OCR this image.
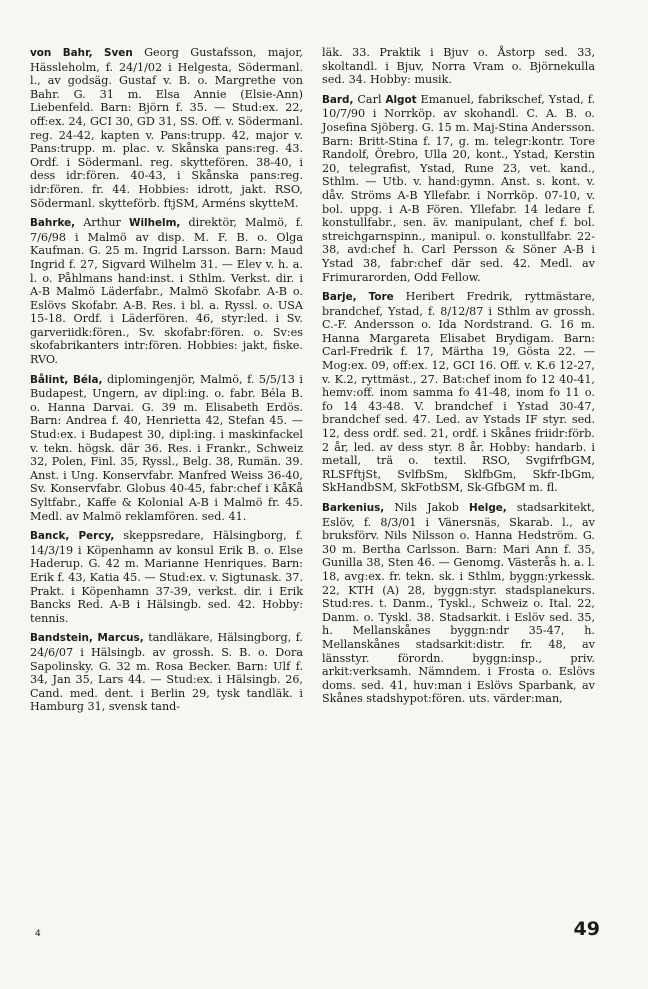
von Bahr, Sven Georg Gustafsson, major, Hässleholm, f. 24/1/02 i Helgesta, Södermanl. l., av godsäg. Gustaf v. B. o. Margrethe von Bahr. G. 31 m. Elsa Annie (Elsie-Ann) Liebenfeld. Barn: Björn f. 35. — Stud:ex. 22, off:ex. 24, GCI 30, GD 31, SS. Off. v. Södermanl. reg. 24-42, kapten v. Pans:trupp. 42, major v. Pans:trupp. m. plac. v. Skånska pans:reg. 43. Ordf. i Södermanl. reg. skyttefören. 38-40, i dess idr:fören. 40-43, i Skånska pans:reg. idr:fören. fr. 44. Hobbies: idrott, jakt. RSO, Södermanl. skytteförb. ftjSM, Arméns skytteM.

Bahrke, Arthur Wilhelm, direktör, Malmö, f. 7/6/98 i Malmö av disp. M. F. B. o. Olga Kaufman. G. 25 m. Ingrid Larsson. Barn: Maud Ingrid f. 27, Sigvard Wilhelm 31. — Elev v. h. a. l. o. Påhlmans hand:inst. i Sthlm. Verkst. dir. i A-B Malmö Läderfabr., Malmö Skofabr. A-B o. Eslövs Skofabr. A-B. Res. i bl. a. Ryssl. o. USA 15-18. Ordf. i Läderfören. 46, styr:led. i Sv. garveriidk:fören., Sv. skofabr:fören. o. Sv:es skofabrikanters intr:fören. Hobbies: jakt, fiske. RVO.

Bålint, Béla, diplomingenjör, Malmö, f. 5/5/13 i Budapest, Ungern, av dipl:ing. o. fabr. Béla B. o. Hanna Darvai. G. 39 m. Elisabeth Erdös. Barn: Andrea f. 40, Henrietta 42, Stefan 45. — Stud:ex. i Budapest 30, dipl:ing. i maskinfackel v. tekn. högsk. där 36. Res. i Frankr., Schweiz 32, Polen, Finl. 35, Ryssl., Belg. 38, Rumän. 39. Anst. i Ung. Konservfabr. Manfred Weiss 36-40, Sv. Konservfabr. Globus 40-45, fabr:chef i KåKå Syltfabr., Kaffe & Kolonial A-B i Malmö fr. 45. Medl. av Malmö reklamfören. sed. 41.

Banck, Percy, skeppsredare, Hälsingborg, f. 14/3/19 i Köpenhamn av konsul Erik B. o. Else Haderup. G. 42 m. Marianne Henriques. Barn: Erik f. 43, Katia 45. — Stud:ex. v. Sigtunask. 37. Prakt. i Köpenhamn 37-39, verkst. dir. i Erik Bancks Red. A-B i Hälsingb. sed. 42. Hobby: tennis.

Bandstein, Marcus, tandläkare, Hälsingborg, f. 24/6/07 i Hälsingb. av grossh. S. B. o. Dora Sapolinsky. G. 32 m. Rosa Becker. Barn: Ulf f. 34, Jan 35, Lars 44. — Stud:ex. i Hälsingb. 26, Cand. med. dent. i Berlin 29, tysk tandläk. i Hamburg 31, svensk tand-

läk. 33. Praktik i Bjuv o. Åstorp sed. 33, skoltandl. i Bjuv, Norra Vram o. Björnekulla sed. 34. Hobby: musik.

Bard, Carl Algot Emanuel, fabrikschef, Ystad, f. 10/7/90 i Norrköp. av skohandl. C. A. B. o. Josefina Sjöberg. G. 15 m. Maj-Stina Andersson. Barn: Britt-Stina f. 17, g. m. telegr:kontr. Tore Randolf, Örebro, Ulla 20, kont., Ystad, Kerstin 20, telegrafist, Ystad, Rune 23, vet. kand., Sthlm. — Utb. v. hand:gymn. Anst. s. kont. v. dåv. Ströms A-B Yllefabr. i Norrköp. 07-10, v. bol. uppg. i A-B Fören. Yllefabr. 14 ledare f. konstullfabr., sen. äv. manipulant, chef f. bol. streichgarnspinn., manipul. o. konstullfabr. 22-38, avd:chef h. Carl Persson & Söner A-B i Ystad 38, fabr:chef där sed. 42. Medl. av Frimurarorden, Odd Fellow.

Barje, Tore Heribert Fredrik, ryttmästare, brandchef, Ystad, f. 8/12/87 i Sthlm av grossh. C.-F. Andersson o. Ida Nordstrand. G. 16 m. Hanna Margareta Elisabet Brydigam. Barn: Carl-Fredrik f. 17, Märtha 19, Gösta 22. — Mog:ex. 09, off:ex. 12, GCI 16. Off. v. K.6 12-27, v. K.2, ryttmäst., 27. Bat:chef inom fo 12 40-41, hemv:off. inom samma fo 41-48, inom fo 11 o. fo 14 43-48. V. brandchef i Ystad 30-47, brandchef sed. 47. Led. av Ystads IF styr. sed. 12, dess ordf. sed. 21, ordf. i Skånes friidr:förb. 2 år, led. av dess styr. 8 år. Hobby: handarb. i metall, trä o. textil. RSO, SvgifrfbGM, RLSFftjSt, SvlfbSm, SklfbGm, Skfr-IbGm, SkHandbSM, SkFotbSM, Sk-GfbGM m. fl.

Barkenius, Nils Jakob Helge, stadsarkitekt, Eslöv, f. 8/3/01 i Vänersnäs, Skarab. l., av bruksförv. Nils Nilsson o. Hanna Hedström. G. 30 m. Bertha Carlsson. Barn: Mari Ann f. 35, Gunilla 38, Sten 46. — Genomg. Västerås h. a. l. 18, avg:ex. fr. tekn. sk. i Sthlm, byggn:yrkessk. 22, KTH (A) 28, byggn:styr. stadsplanekurs. Stud:res. t. Danm., Tyskl., Schweiz o. Ital. 22, Danm. o. Tyskl. 38. Stadsarkit. i Eslöv sed. 35, h. Mellanskånes byggn:ndr 35-47, h. Mellanskånes stadsarkit:distr. fr. 48, av länsstyr. förordn. byggn:insp., priv. arkit:verksamh. Nämndem. i Frosta o. Eslövs doms. sed. 41, huv:man i Eslövs Sparbank, av Skånes stadshypot:fören. uts. värder:man,

4	49
